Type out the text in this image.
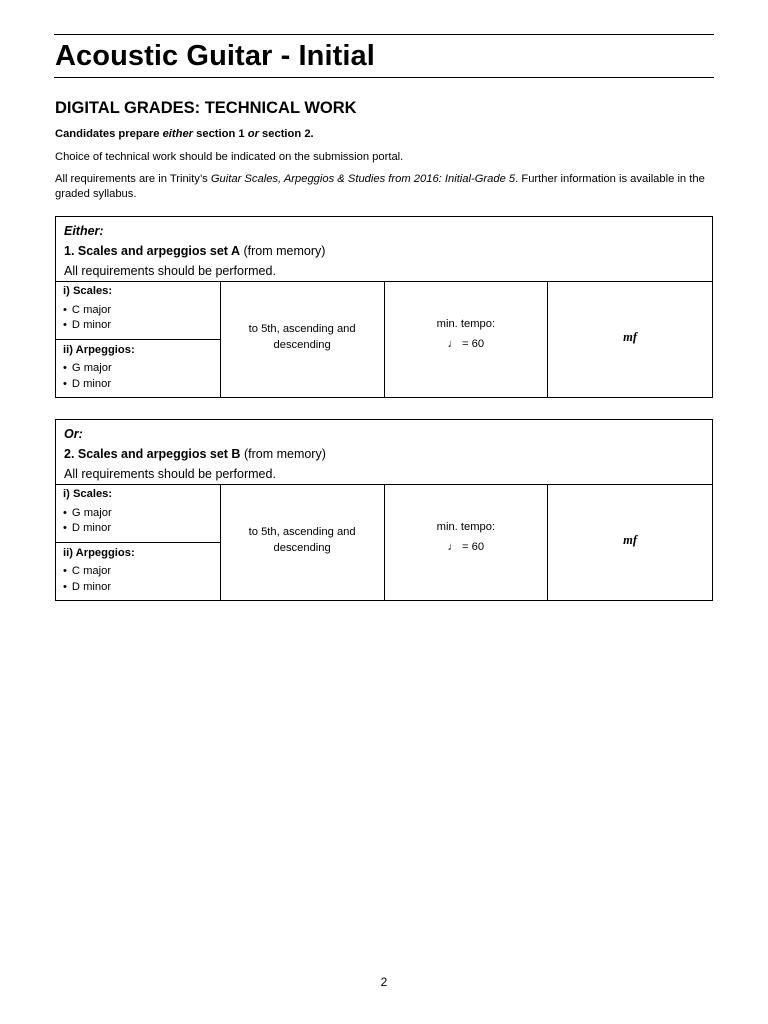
Acoustic Guitar - Initial
DIGITAL GRADES: TECHNICAL WORK

Candidates prepare either section 1 or section 2.

Choice of technical work should be indicated on the submission portal.

All requirements are in Trinity’s Guitar Scales, Arpeggios & Studies from 2016: Initial-Grade 5. Further information is available in the graded syllabus.

Either:
1. Scales and arpeggios set A (from memory)
All requirements should be performed.
i) Scales:
• C major
• D minor
ii) Arpeggios:
• G major
• D minor
to 5th, ascending and descending
min. tempo:
♩ = 60	mf
Or:
2. Scales and arpeggios set B (from memory)
All requirements should be performed.
i) Scales:
• G major
• D minor
ii) Arpeggios:
• C major
• D minor
to 5th, ascending and descending
min. tempo:
♩ = 60	mf
2
